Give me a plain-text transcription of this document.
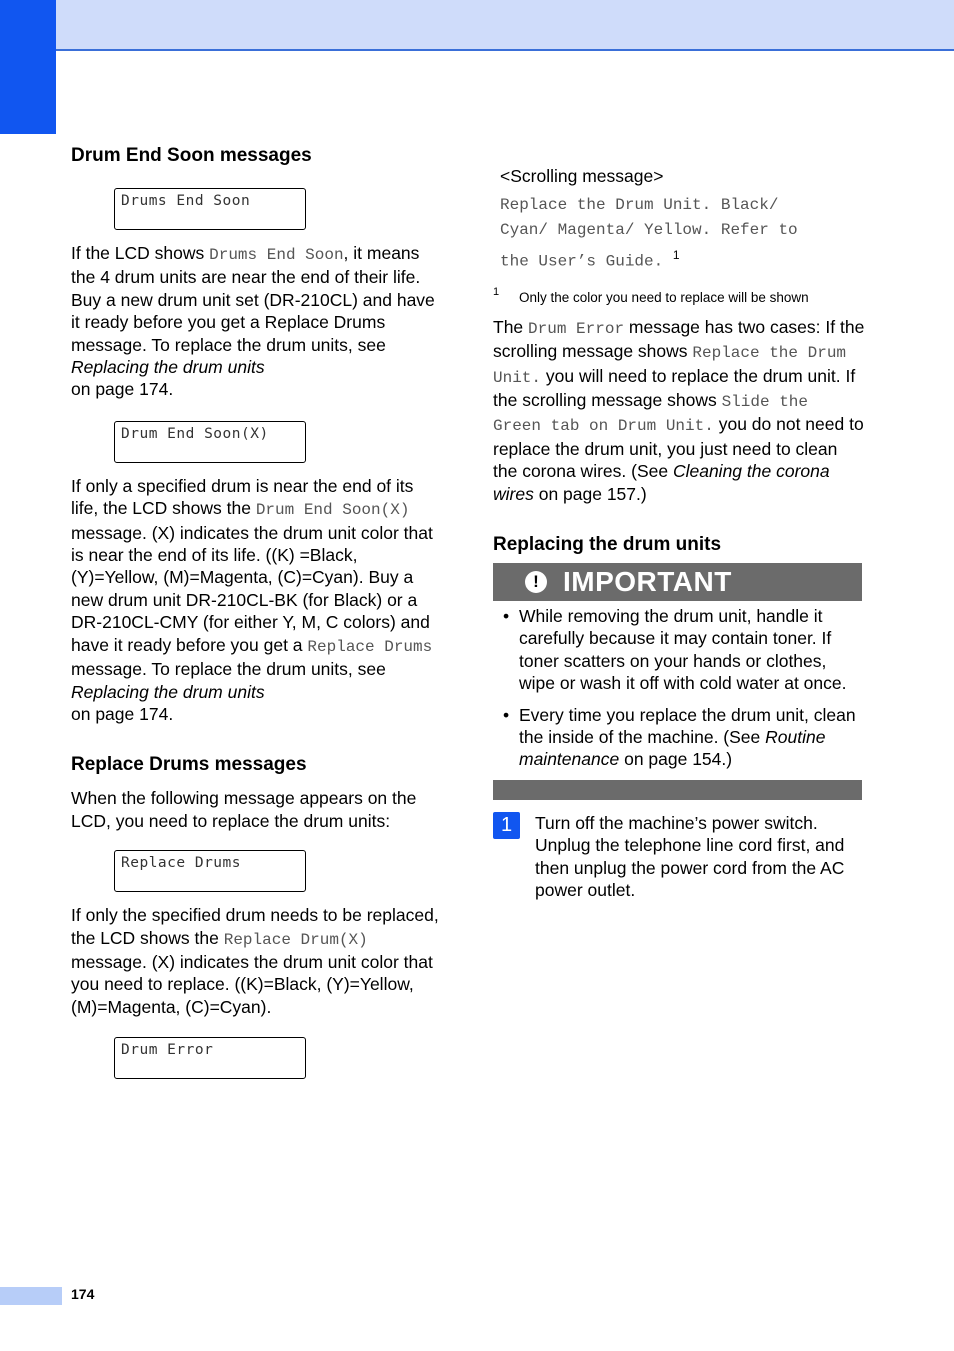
Drum End Soon messages
Drums End Soon

If the LCD shows Drums End Soon, it means the 4 drum units are near the end of their life. Buy a new drum unit set (DR-210CL) and have it ready before you get a Replace Drums message. To replace the drum units, see Replacing the drum units
on page 174.

Drum End Soon(X)

If only a specified drum is near the end of its life, the LCD shows the Drum End Soon(X) message. (X) indicates the drum unit color that is near the end of its life. ((K) =Black, (Y)=Yellow, (M)=Magenta, (C)=Cyan). Buy a new drum unit DR-210CL-BK (for Black) or a DR-210CL-CMY (for either Y, M, C colors) and have it ready before you get a Replace Drums message. To replace the drum units, see Replacing the drum units
on page 174.

Replace Drums messages

When the following message appears on the LCD, you need to replace the drum units:

Replace Drums

If only the specified drum needs to be replaced, the LCD shows the Replace Drum(X) message. (X) indicates the drum unit color that you need to replace. ((K)=Black, (Y)=Yellow, (M)=Magenta, (C)=Cyan).

Drum Error

<Scrolling message>

Replace the Drum Unit. Black/
Cyan/ Magenta/ Yellow. Refer to
the User’s Guide. $^1$
1	Only the color you need to replace will be shown

The Drum Error message has two cases: If the scrolling message shows Replace the Drum Unit. you will need to replace the drum unit. If the scrolling message shows Slide the Green tab on Drum Unit. you do not need to replace the drum unit, you just need to clean the corona wires. (See Cleaning the corona wires on page 157.)

Replacing the drum units
! IMPORTANT
• While removing the drum unit, handle it carefully because it may contain toner. If toner scatters on your hands or clothes, wipe or wash it off with cold water at once.
• Every time you replace the drum unit, clean the inside of the machine. (See Routine maintenance on page 154.)
1	Turn off the machine’s power switch. Unplug the telephone line cord first, and then unplug the power cord from the AC power outlet.

174
